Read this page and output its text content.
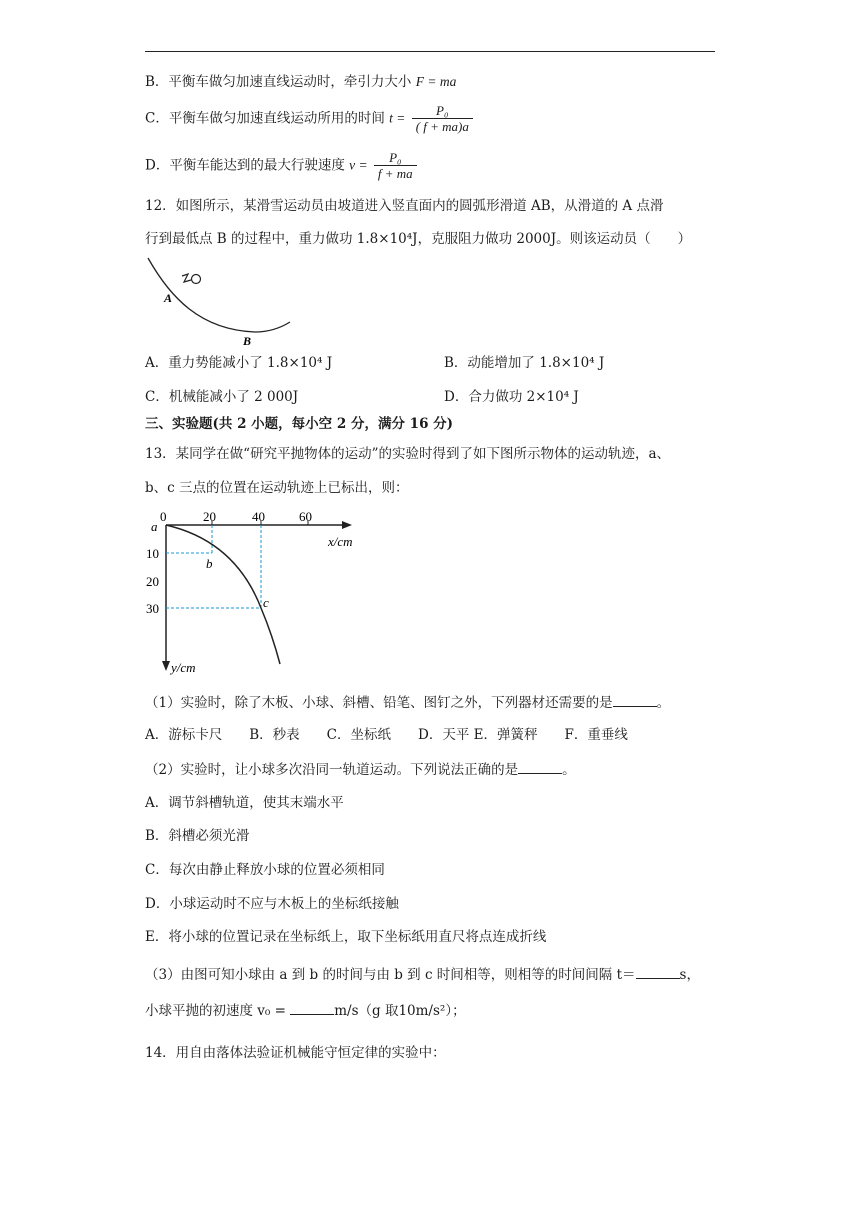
B．平衡车做匀加速直线运动时，牵引力大小 F = ma
C．平衡车做匀加速直线运动所用的时间 $t = \frac{\text{P₀}}{( f + ma)a}$
D．平衡车能达到的最大行驶速度 $v = \frac{\text{P₀}}{f + ma}$
12．如图所示，某滑雪运动员由坡道进入竖直面内的圆弧形滑道 AB，从滑道的 A 点滑
行到最低点 B 的过程中，重力做功 1.8×10⁴J，克服阻力做功 2000J。则该运动员（　　）
A
B
A．重力势能减小了 1.8×10⁴ J	B．动能增加了 1.8×10⁴ J
C．机械能减小了 2 000J	D．合力做功 2×10⁴ J
三、实验题(共 2 小题，每小空 2 分，满分 16 分)
13．某同学在做“研究平抛物体的运动”的实验时得到了如下图所示物体的运动轨迹，a、
b、c 三点的位置在运动轨迹上已标出，则：
0	20	40	60
10
20
30
x/cm
y/cm
a
b
c
（1）实验时，除了木板、小球、斜槽、铅笔、图钉之外，下列器材还需要的是	。
A．游标卡尺　　B．秒表　　C．坐标纸　　D．天平 E．弹簧秤　　F．重垂线
（2）实验时，让小球多次沿同一轨道运动。下列说法正确的是	。
A．调节斜槽轨道，使其末端水平
B．斜槽必须光滑
C．每次由静止释放小球的位置必须相同
D．小球运动时不应与木板上的坐标纸接触
E．将小球的位置记录在坐标纸上，取下坐标纸用直尺将点连成折线
（3）由图可知小球由 a 到 b 的时间与由 b 到 c 时间相等，则相等的时间间隔 t＝	s，
小球平抛的初速度 v₀ =	m/s（g 取10m/s²）；
14．用自由落体法验证机械能守恒定律的实验中：
